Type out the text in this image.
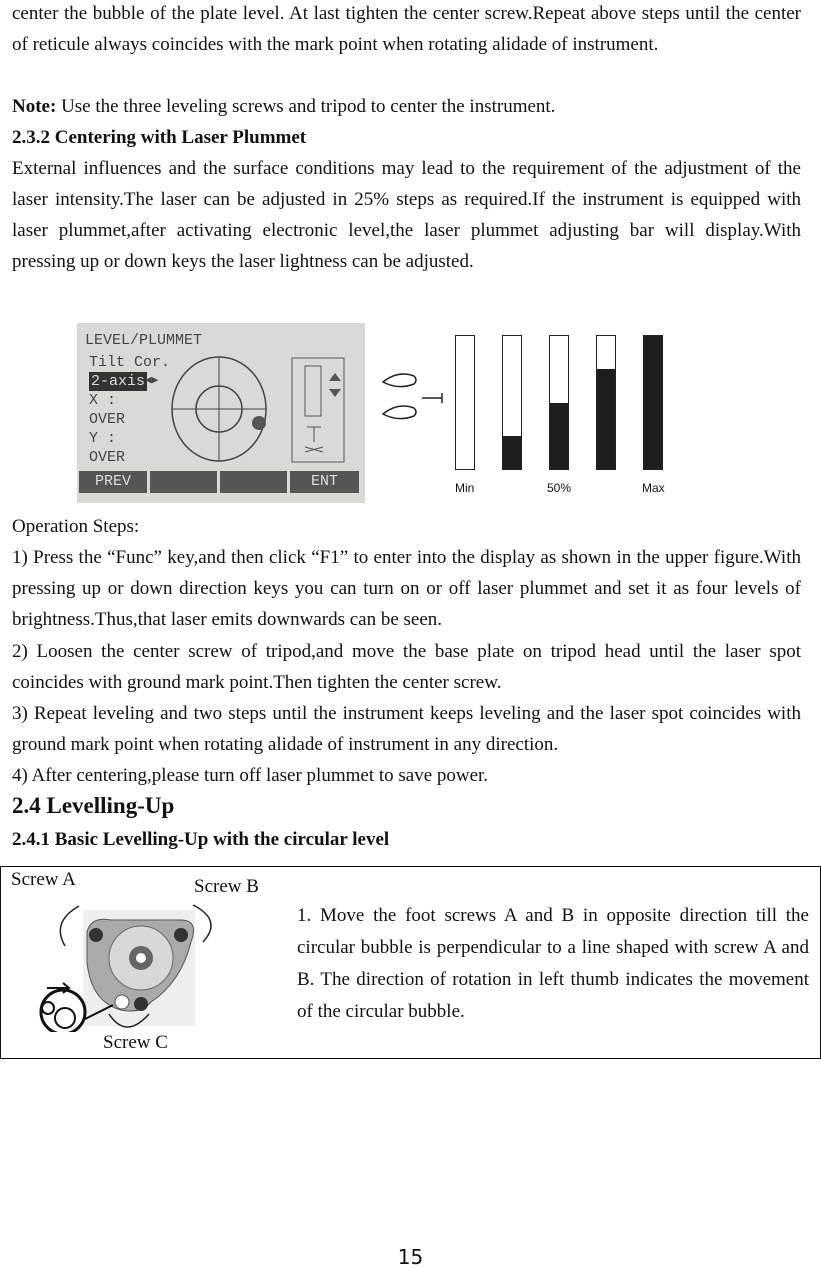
center the bubble of the plate level. At last tighten the center screw.Repeat above steps until the center of reticule always coincides with the mark point when rotating alidade of instrument.

Note: Use the three leveling screws and tripod to center the instrument.

2.3.2 Centering with Laser Plummet

External influences and the surface conditions may lead to the requirement of the adjustment of the laser intensity.The laser can be adjusted in 25% steps as required.If the instrument is equipped with laser plummet,after activating electronic level,the laser plummet adjusting bar will display.With pressing up or down keys the laser lightness can be adjusted.

LEVEL/PLUMMET
Tilt Cor.
2-axis ◀▶
X :
OVER
Y :
OVER
PREV	ENT	Min	50%	Max

Operation Steps:

1) Press the “Func” key,and then click “F1” to enter into the display as shown in the upper figure.With pressing up or down direction keys you can turn on or off laser plummet and set it as four levels of brightness.Thus,that laser emits downwards can be seen.

2) Loosen the center screw of tripod,and move the base plate on tripod head until the laser spot coincides with ground mark point.Then tighten the center screw.

3) Repeat leveling and two steps until the instrument keeps leveling and the laser spot coincides with ground mark point when rotating alidade of instrument in any direction.

4) After centering,please turn off laser plummet to save power.

2.4 Levelling-Up

2.4.1 Basic Levelling-Up with the circular level

Screw A	Screw B
Screw C

1. Move the foot screws A and B in opposite direction till the circular bubble is perpendicular to a line shaped with screw A and B. The direction of rotation in left thumb indicates the movement of the circular bubble.

15
